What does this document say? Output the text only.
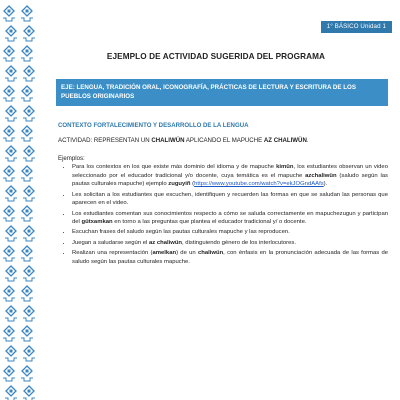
1° BÁSICO Unidad 1
EJEMPLO DE ACTIVIDAD SUGERIDA DEL PROGRAMA
EJE: LENGUA, TRADICIÓN ORAL, ICONOGRAFÍA, PRÁCTICAS DE LECTURA Y ESCRITURA DE LOS
PUEBLOS ORIGINARIOS
CONTEXTO FORTALECIMIENTO Y DESARROLLO DE LA LENGUA
ACTIVIDAD: REPRESENTAN UN CHALIWÜN APLICANDO EL MAPUCHE AZ CHALIWÜN.
Ejemplos:
• Para los contextos en los que existe más dominio del idioma y de mapuche kimün, los estudiantes observan un video seleccionado por el educador tradicional y/o docente, cuya temática es el mapuche azchaliwün (saludo según las pautas culturales mapuche) ejemplo zuguyiñ (https://www.youtube.com/watch?v=ekJOGndAAfs).
• Les solicitan a los estudiantes que escuchen, identifiquen y recuerden las formas en que se saludan las personas que aparecen en el video.
• Los estudiantes comentan sus conocimientos respecto a cómo se saluda correctamente en mapuchezugun y participan del gütxamkan en torno a las preguntas que plantea el educador tradicional y/ o docente.
• Escuchan frases del saludo según las pautas culturales mapuche y las reproducen.
• Juegan a saludarse según el az chaliwün, distinguiendo género de los interlocutores.
• Realizan una representación (amelkan) de un chaliwün, con énfasis en la pronunciación adecuada de las formas de saludo según las pautas culturales mapuche.
